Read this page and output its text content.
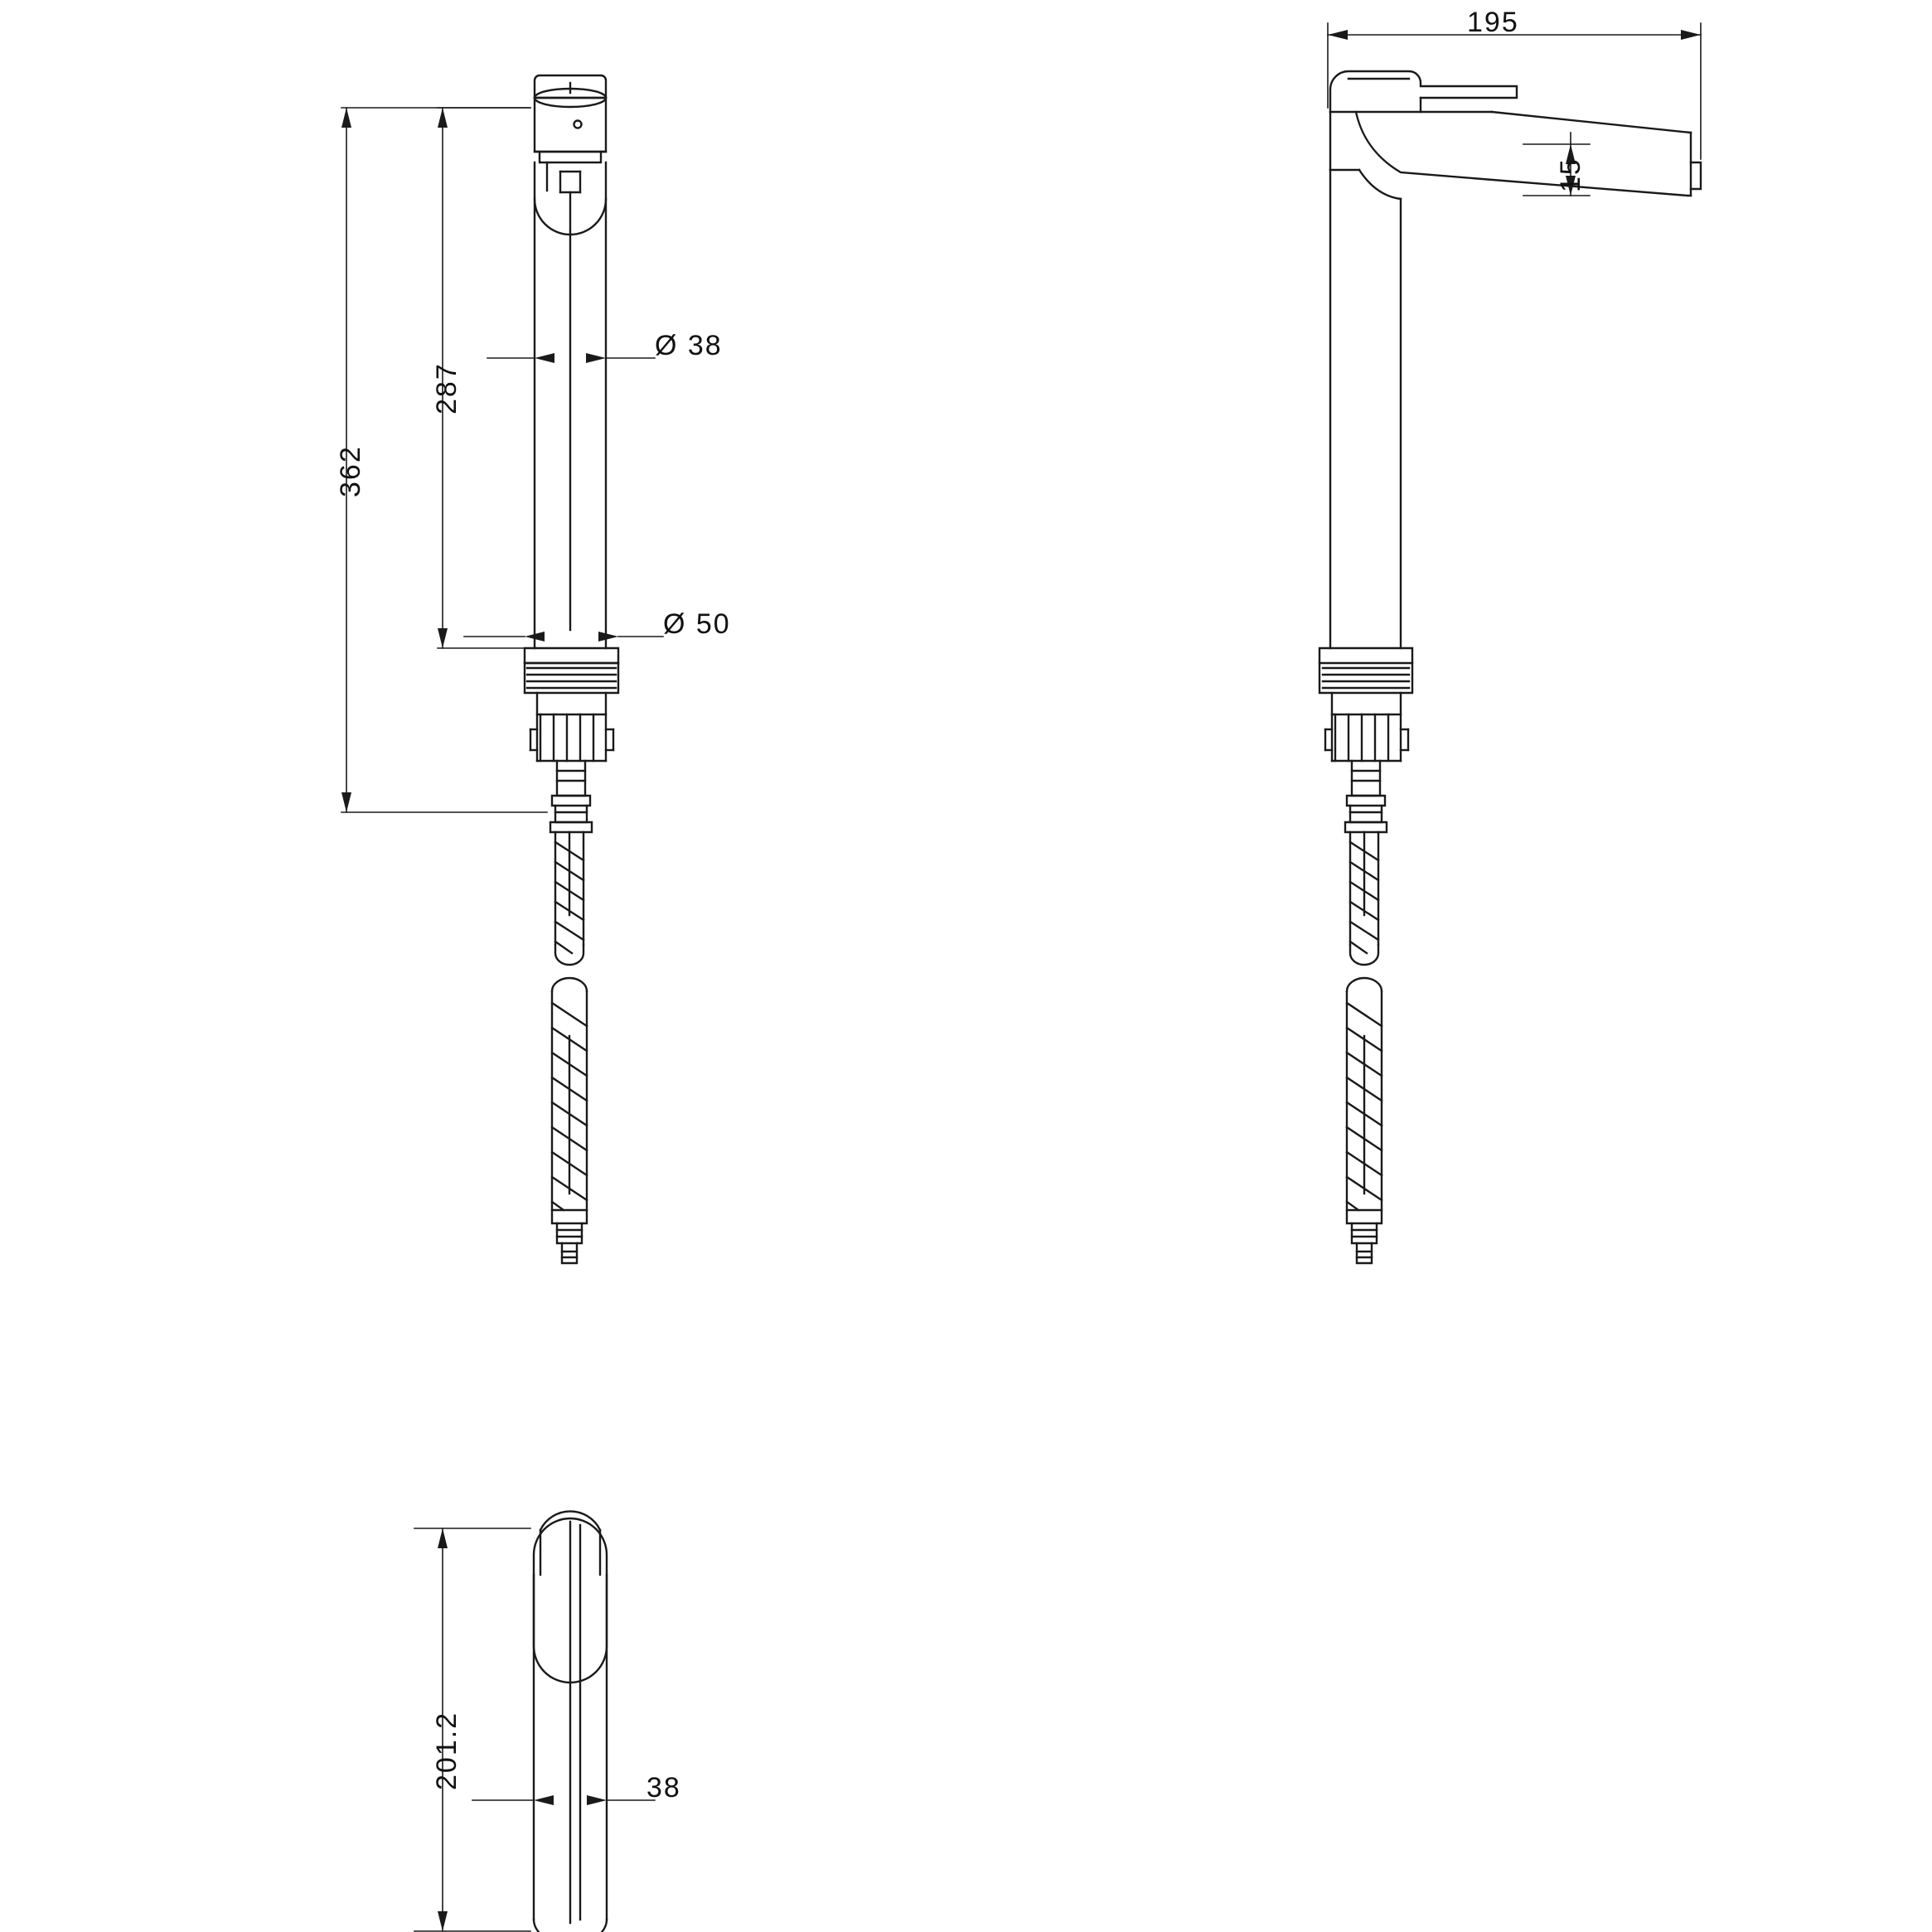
362
287
Ø 38
Ø 50
195
15
201.2	38
